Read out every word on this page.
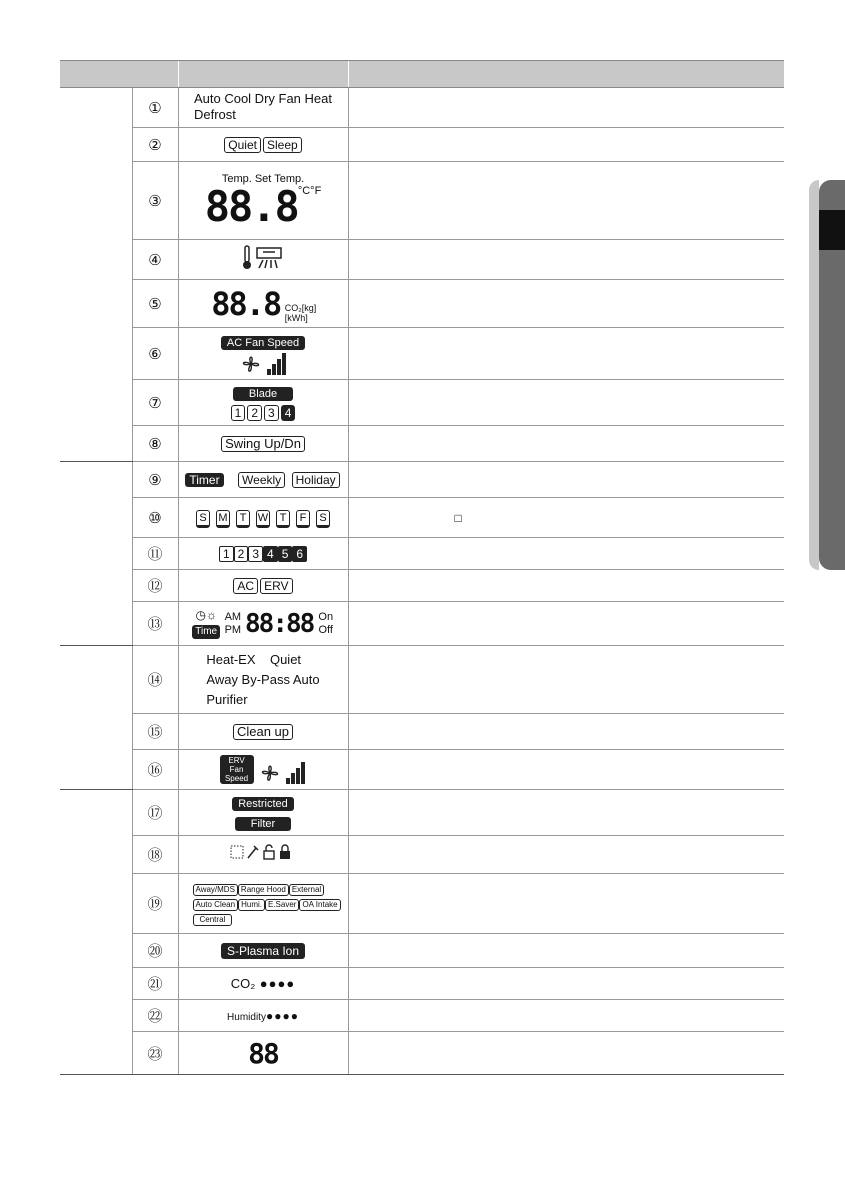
	①	Auto Cool Dry Fan Heat
Defrost	
	②	Quiet Sleep	
	③	Temp. Set Temp.
$88.8^{^\circ C^\circ F}$	
	④		
	⑤	88.8 CO₂[kg] [kWh]	
	⑥	AC Fan Speed	

	⑦	Blade
1 2 3 4	

	⑧	Swing Up/Dn	
	⑨	Timer Weekly Holiday	
	⑩	S M T W T F S	□
	⑪	1 2 3 4 5 6	
	⑫	AC ERV	
	⑬	◷☼
Time AM PM 88:88 On Off	
	⑭	Heat-EX    Quiet
Away By-Pass Auto
Purifier	
	⑮	Clean up	
	⑯	ERV Fan Speed	
	⑰	Restricted
Filter	

	⑱		
	⑲	Away/MDS Range Hood External
Auto Clean Humi. E.Saver OA Intake
Central	

	⑳	S-Plasma Ion	
	㉑	CO₂ ●●●●	
	㉒	Humidity●●●●	
	㉓	88	
